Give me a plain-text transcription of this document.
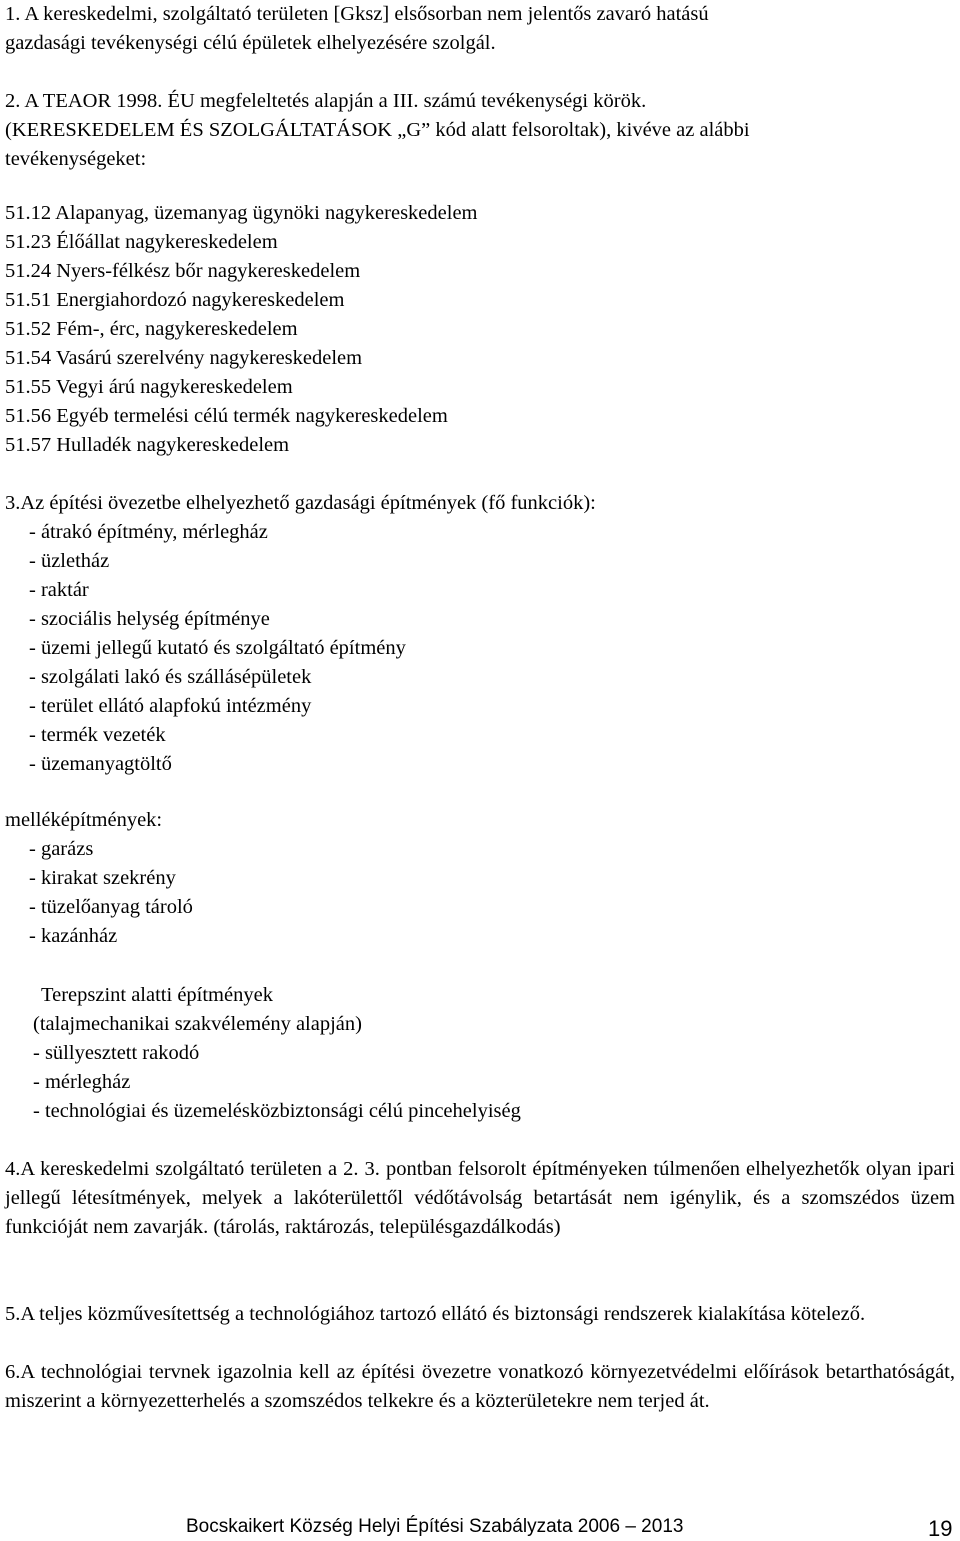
1. A kereskedelmi, szolgáltató területen [Gksz] elsősorban nem jelentős zavaró hatású
gazdasági tevékenységi célú épületek elhelyezésére szolgál.
2. A TEAOR 1998. ÉU megfeleltetés alapján a III. számú tevékenységi körök.
(KERESKEDELEM ÉS SZOLGÁLTATÁSOK „G” kód alatt felsoroltak), kivéve az alábbi
tevékenységeket:
51.12 Alapanyag, üzemanyag ügynöki nagykereskedelem
51.23 Élőállat nagykereskedelem
51.24 Nyers-félkész bőr nagykereskedelem
51.51 Energiahordozó nagykereskedelem
51.52 Fém-, érc, nagykereskedelem
51.54 Vasárú szerelvény nagykereskedelem
51.55 Vegyi árú nagykereskedelem
51.56 Egyéb termelési célú termék nagykereskedelem
51.57 Hulladék nagykereskedelem
3.Az építési övezetbe elhelyezhető gazdasági építmények (fő funkciók):
- átrakó építmény, mérlegház
- üzletház
- raktár
- szociális helység építménye
- üzemi jellegű kutató és szolgáltató építmény
- szolgálati lakó és szállásépületek
- terület ellátó alapfokú intézmény
- termék vezeték
- üzemanyagtöltő
melléképítmények:
- garázs
- kirakat szekrény
- tüzelőanyag tároló
- kazánház
Terepszint alatti építmények
(talajmechanikai szakvélemény alapján)
- süllyesztett rakodó
- mérlegház
- technológiai és üzemelésközbiztonsági célú pincehelyiség
4.A kereskedelmi szolgáltató területen a 2. 3. pontban felsorolt építményeken túlmenően elhelyezhetők olyan ipari jellegű létesítmények, melyek a lakóterülettől védőtávolság betartását nem igénylik, és a szomszédos üzem funkcióját nem zavarják. (tárolás, raktározás, településgazdálkodás)
5.A teljes közművesítettség a technológiához tartozó ellátó és biztonsági rendszerek kialakítása kötelező.
6.A technológiai tervnek igazolnia kell az építési övezetre vonatkozó környezetvédelmi előírások betarthatóságát, miszerint a környezetterhelés a szomszédos telkekre és a közterületekre nem terjed át.
Bocskaikert Község Helyi Építési Szabályzata 2006 – 2013	19
